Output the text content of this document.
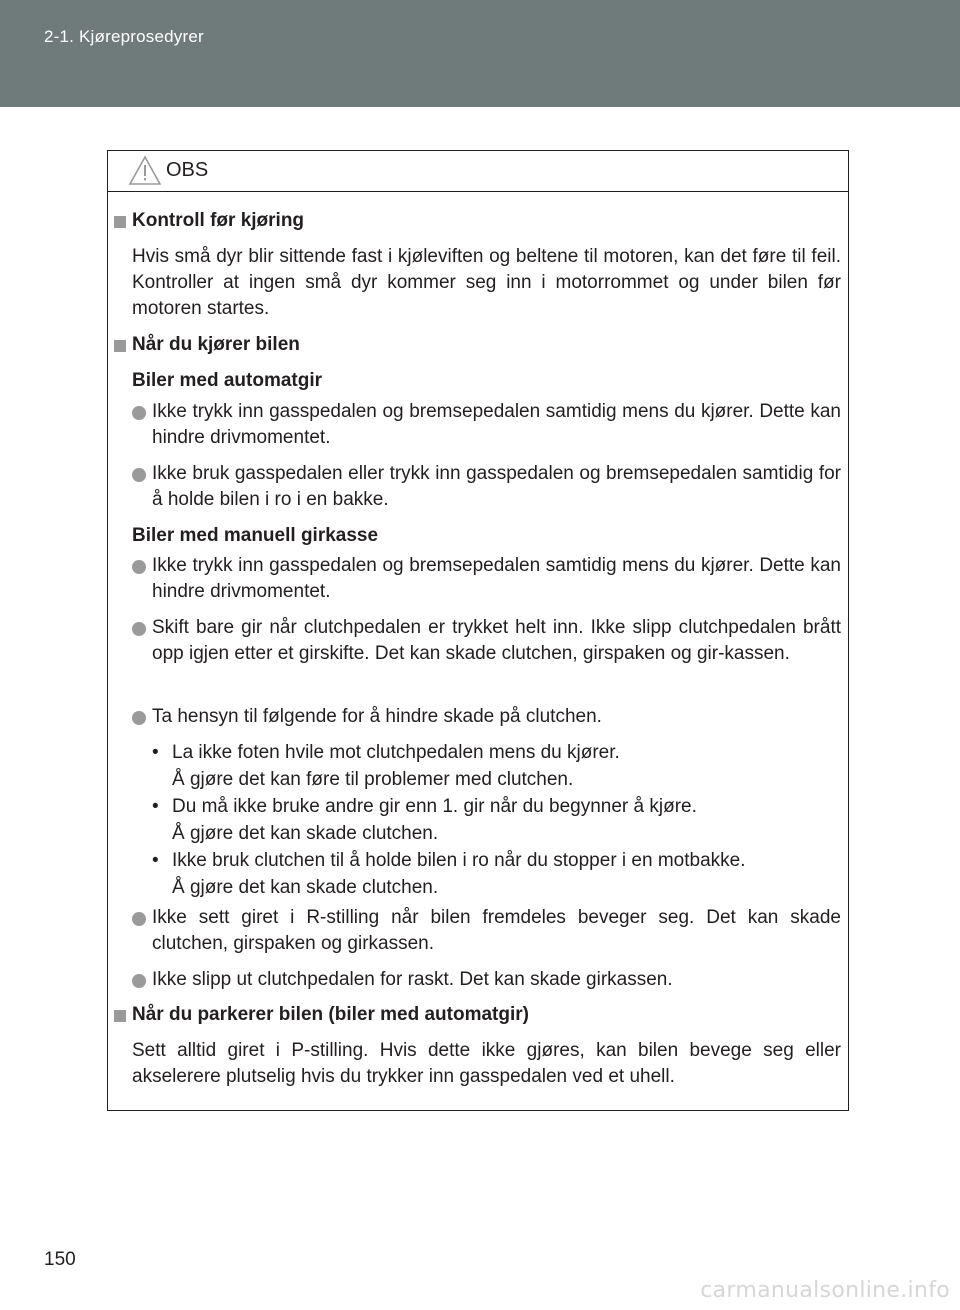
2-1. Kjøreprosedyrer
OBS
Kontroll før kjøring
Hvis små dyr blir sittende fast i kjøleviften og beltene til motoren, kan det føre til feil. Kontroller at ingen små dyr kommer seg inn i motorrommet og under bilen før motoren startes.
Når du kjører bilen
Biler med automatgir
Ikke trykk inn gasspedalen og bremsepedalen samtidig mens du kjører. Dette kan hindre drivmomentet.
Ikke bruk gasspedalen eller trykk inn gasspedalen og bremsepedalen samtidig for å holde bilen i ro i en bakke.
Biler med manuell girkasse
Ikke trykk inn gasspedalen og bremsepedalen samtidig mens du kjører. Dette kan hindre drivmomentet.
Skift bare gir når clutchpedalen er trykket helt inn. Ikke slipp clutchpedalen brått opp igjen etter et girskifte. Det kan skade clutchen, girspaken og gir-kassen.
Ta hensyn til følgende for å hindre skade på clutchen.
• La ikke foten hvile mot clutchpedalen mens du kjører.
Å gjøre det kan føre til problemer med clutchen.
• Du må ikke bruke andre gir enn 1. gir når du begynner å kjøre.
Å gjøre det kan skade clutchen.
• Ikke bruk clutchen til å holde bilen i ro når du stopper i en motbakke.
Å gjøre det kan skade clutchen.
Ikke sett giret i R-stilling når bilen fremdeles beveger seg. Det kan skade clutchen, girspaken og girkassen.
Ikke slipp ut clutchpedalen for raskt. Det kan skade girkassen.
Når du parkerer bilen (biler med automatgir)
Sett alltid giret i P-stilling. Hvis dette ikke gjøres, kan bilen bevege seg eller akselerere plutselig hvis du trykker inn gasspedalen ved et uhell.
150
carmanualsonline.info
